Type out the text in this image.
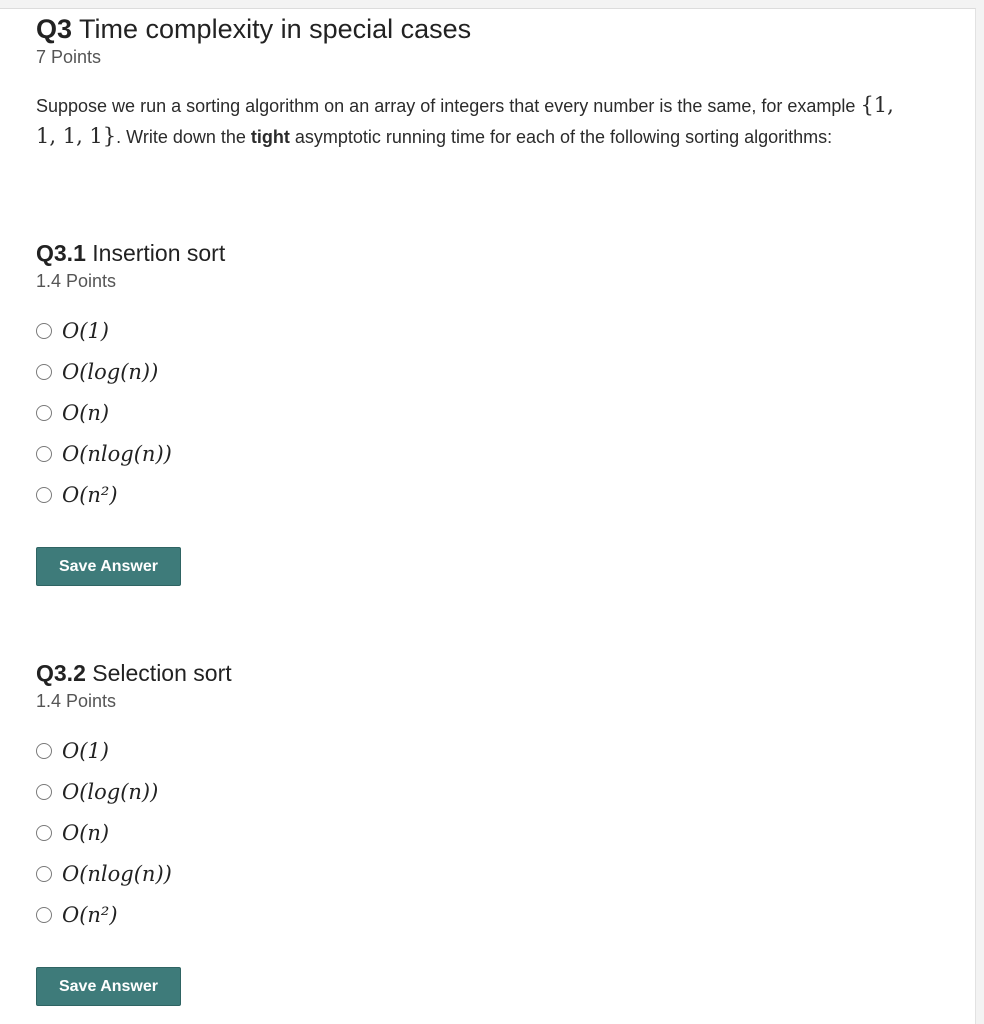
Q3 Time complexity in special cases
7 Points

Suppose we run a sorting algorithm on an array of integers that every number is the same, for example {1, 1, 1, 1}. Write down the tight asymptotic running time for each of the following sorting algorithms:

Q3.1 Insertion sort
1.4 Points
O(1)
O(log(n))
O(n)
O(nlog(n))
O(n²)
Save Answer
Q3.2 Selection sort
1.4 Points
O(1)
O(log(n))
O(n)
O(nlog(n))
O(n²)
Save Answer
